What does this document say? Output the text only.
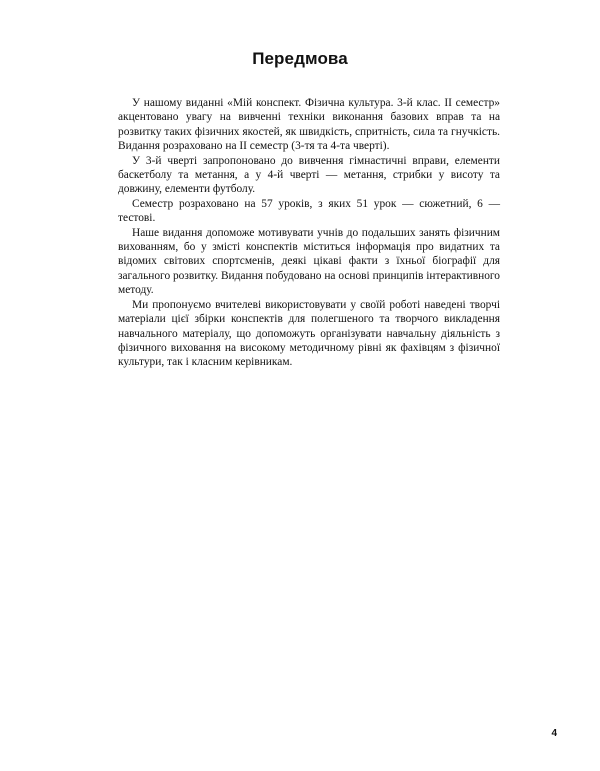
Передмова

У нашому виданні «Мій конспект. Фізична культура. 3-й клас. ІІ семестр» акцентовано увагу на вивченні техніки виконання базових вправ та на розвитку таких фізичних якостей, як швидкість, спритність, сила та гнучкість. Видання розраховано на ІІ семестр (3-тя та 4-та чверті).

У 3-й чверті запропоновано до вивчення гімнастичні вправи, елементи баскетболу та метання, а у 4-й чверті — метання, стрибки у висоту та довжину, елементи футболу.

Семестр розраховано на 57 уроків, з яких 51 урок — сюжетний, 6 — тестові.

Наше видання допоможе мотивувати учнів до подальших занять фізичним вихованням, бо у змісті конспектів міститься інформація про видатних та відомих світових спортсменів, деякі цікаві факти з їхньої біографії для загального розвитку. Видання побудовано на основі принципів інтерактивного методу.

Ми пропонуємо вчителеві використовувати у своїй роботі наведені творчі матеріали цієї збірки конспектів для полегшеного та творчого викладення навчального матеріалу, що допоможуть організувати навчальну діяльність з фізичного виховання на високому методичному рівні як фахівцям з фізичної культури, так і класним керівникам.

4
